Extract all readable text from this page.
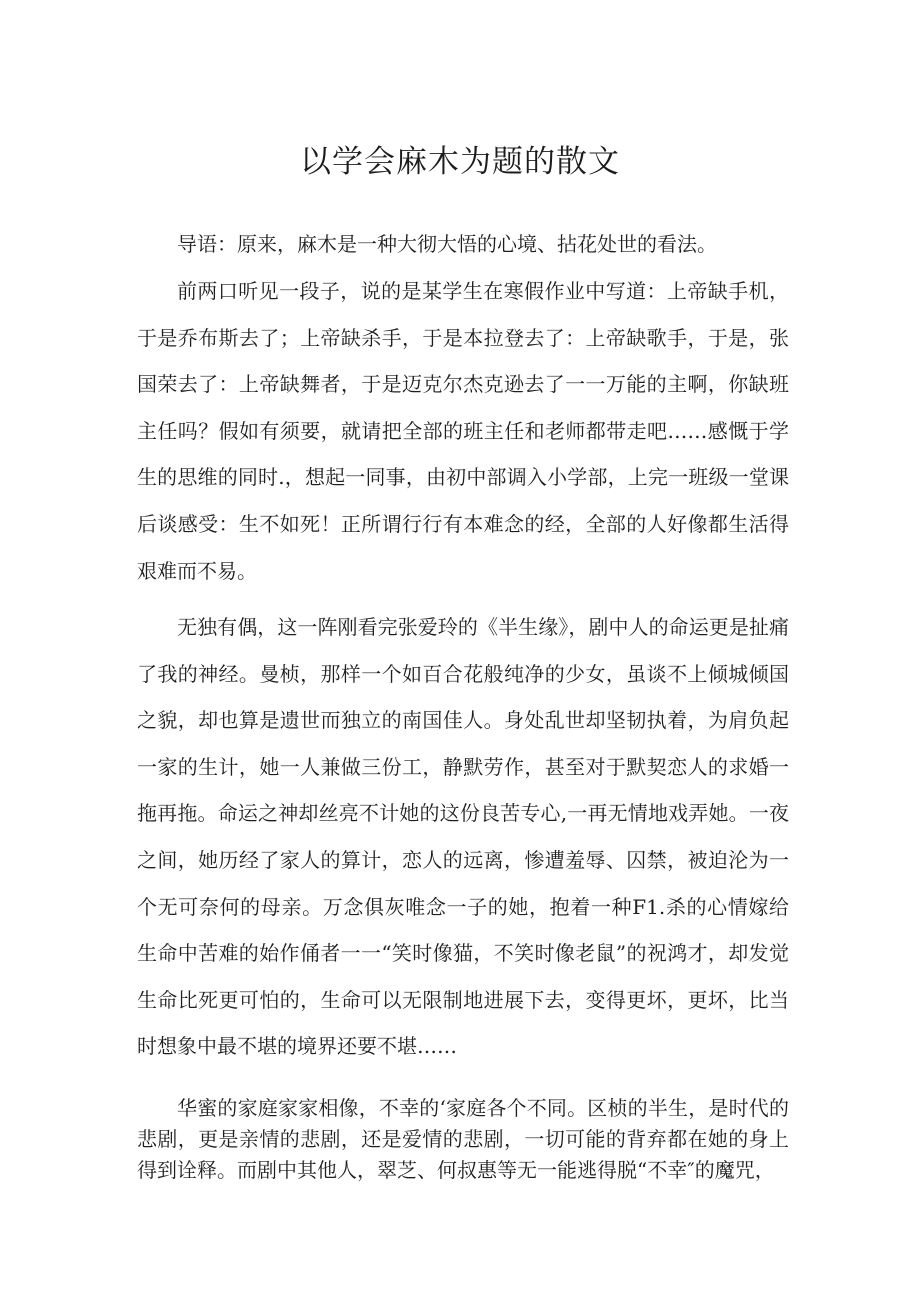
以学会麻木为题的散文

导语：原来，麻木是一种大彻大悟的心境、拈花处世的看法。

前两口听见一段子，说的是某学生在寒假作业中写道：上帝缺手机，于是乔布斯去了；上帝缺杀手，于是本拉登去了：上帝缺歌手，于是，张国荣去了：上帝缺舞者，于是迈克尔杰克逊去了一一万能的主啊，你缺班主任吗？假如有须要，就请把全部的班主任和老师都带走吧……感慨于学生的思维的同时.，想起一同事，由初中部调入小学部，上完一班级一堂课后谈感受：生不如死！正所谓行行有本难念的经，全部的人好像都生活得艰难而不易。

无独有偶，这一阵刚看完张爱玲的《半生缘》，剧中人的命运更是扯痛了我的神经。曼桢，那样一个如百合花般纯净的少女，虽谈不上倾城倾国之貌，却也算是遗世而独立的南国佳人。身处乱世却坚韧执着，为肩负起一家的生计，她一人兼做三份工，静默劳作，甚至对于默契恋人的求婚一拖再拖。命运之神却丝亮不计她的这份良苦专心,一再无情地戏弄她。一夜之间，她历经了家人的算计，恋人的远离，惨遭羞辱、囚禁，被迫沦为一个无可奈何的母亲。万念俱灰唯念一子的她，抱着一种F1.杀的心情嫁给生命中苦难的始作俑者一一“笑时像猫，不笑时像老鼠”的祝鸿才，却发觉生命比死更可怕的，生命可以无限制地进展下去，变得更坏，更坏，比当时想象中最不堪的境界还要不堪……

华蜜的家庭家家相像，不幸的‘家庭各个不同。区桢的半生，是时代的悲剧，更是亲情的悲剧，还是爱情的悲剧，一切可能的背弃都在她的身上得到诠释。而剧中其他人，翠芝、何叔惠等无一能逃得脱“不幸″的魔咒，
